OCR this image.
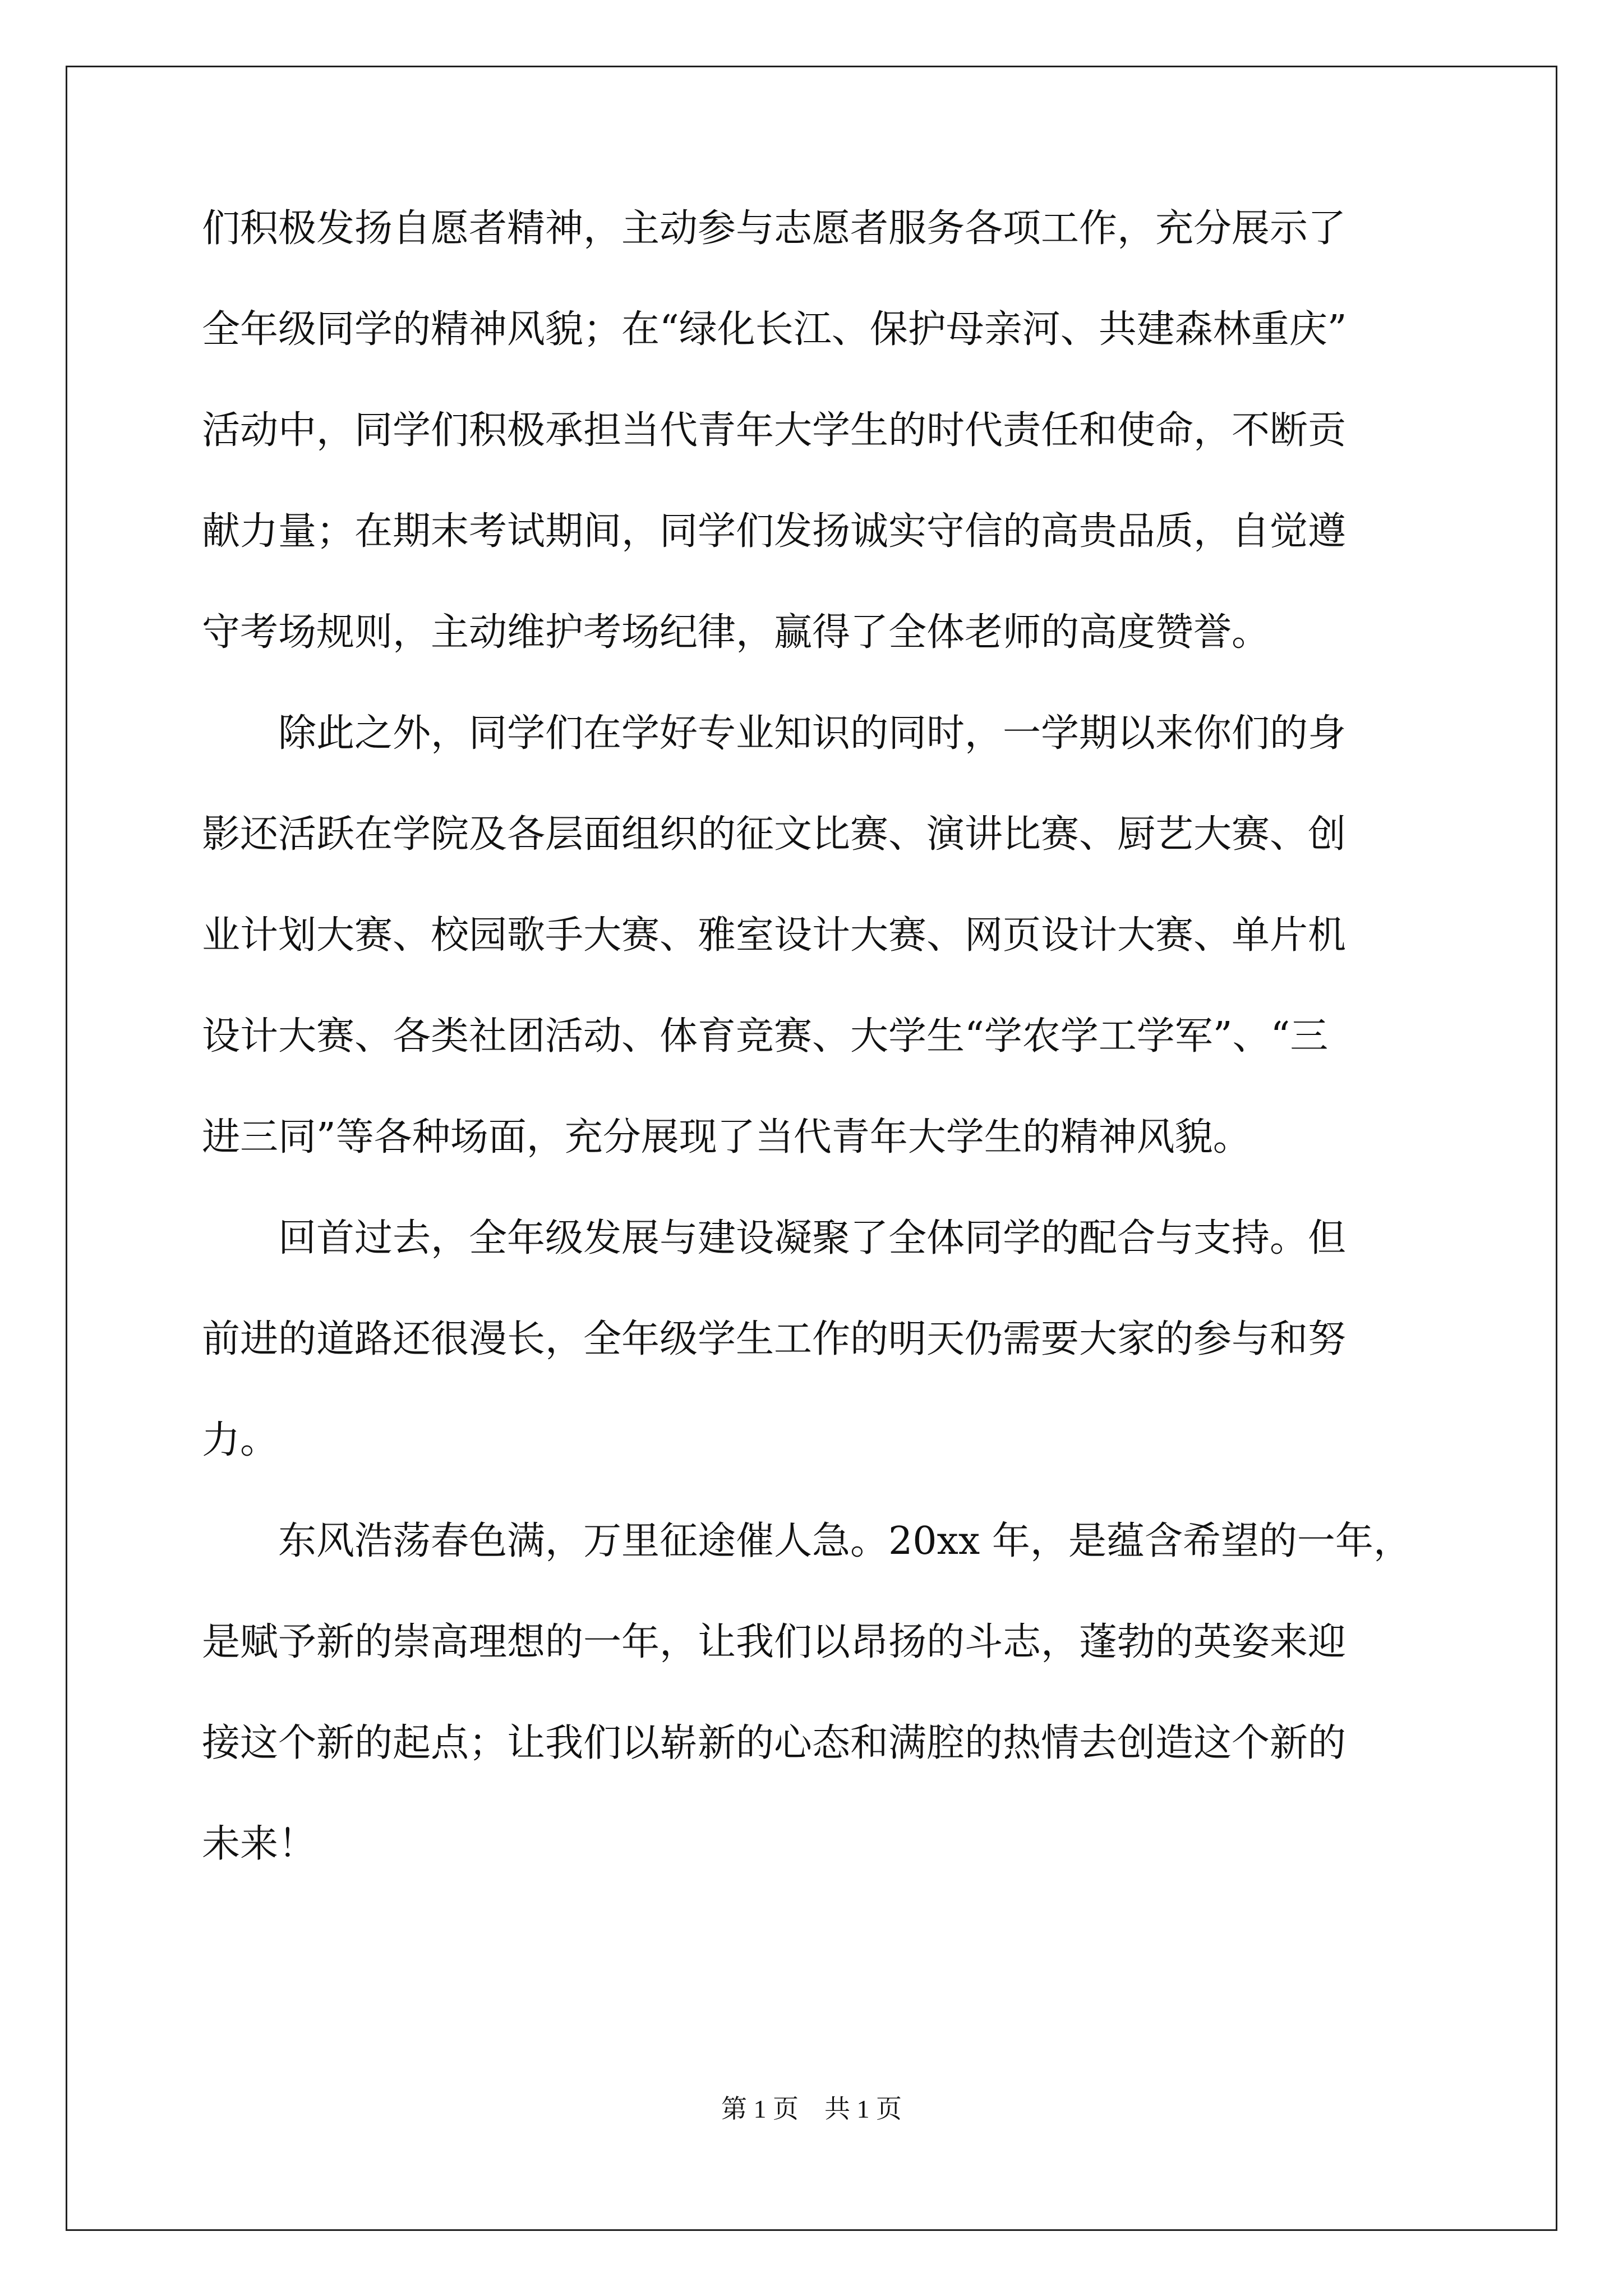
们积极发扬自愿者精神，主动参与志愿者服务各项工作，充分展示了
全年级同学的精神风貌；在“绿化长江、保护母亲河、共建森林重庆”
活动中，同学们积极承担当代青年大学生的时代责任和使命，不断贡
献力量；在期末考试期间，同学们发扬诚实守信的高贵品质，自觉遵
守考场规则，主动维护考场纪律，赢得了全体老师的高度赞誉。
　　除此之外，同学们在学好专业知识的同时，一学期以来你们的身
影还活跃在学院及各层面组织的征文比赛、演讲比赛、厨艺大赛、创
业计划大赛、校园歌手大赛、雅室设计大赛、网页设计大赛、单片机
设计大赛、各类社团活动、体育竞赛、大学生“学农学工学军”、“三
进三同”等各种场面，充分展现了当代青年大学生的精神风貌。
　　回首过去，全年级发展与建设凝聚了全体同学的配合与支持。但
前进的道路还很漫长，全年级学生工作的明天仍需要大家的参与和努
力。
　　东风浩荡春色满，万里征途催人急。20xx 年，是蕴含希望的一年，
是赋予新的崇高理想的一年，让我们以昂扬的斗志，蓬勃的英姿来迎
接这个新的起点；让我们以崭新的心态和满腔的热情去创造这个新的
未来！
第 1 页　共 1 页
